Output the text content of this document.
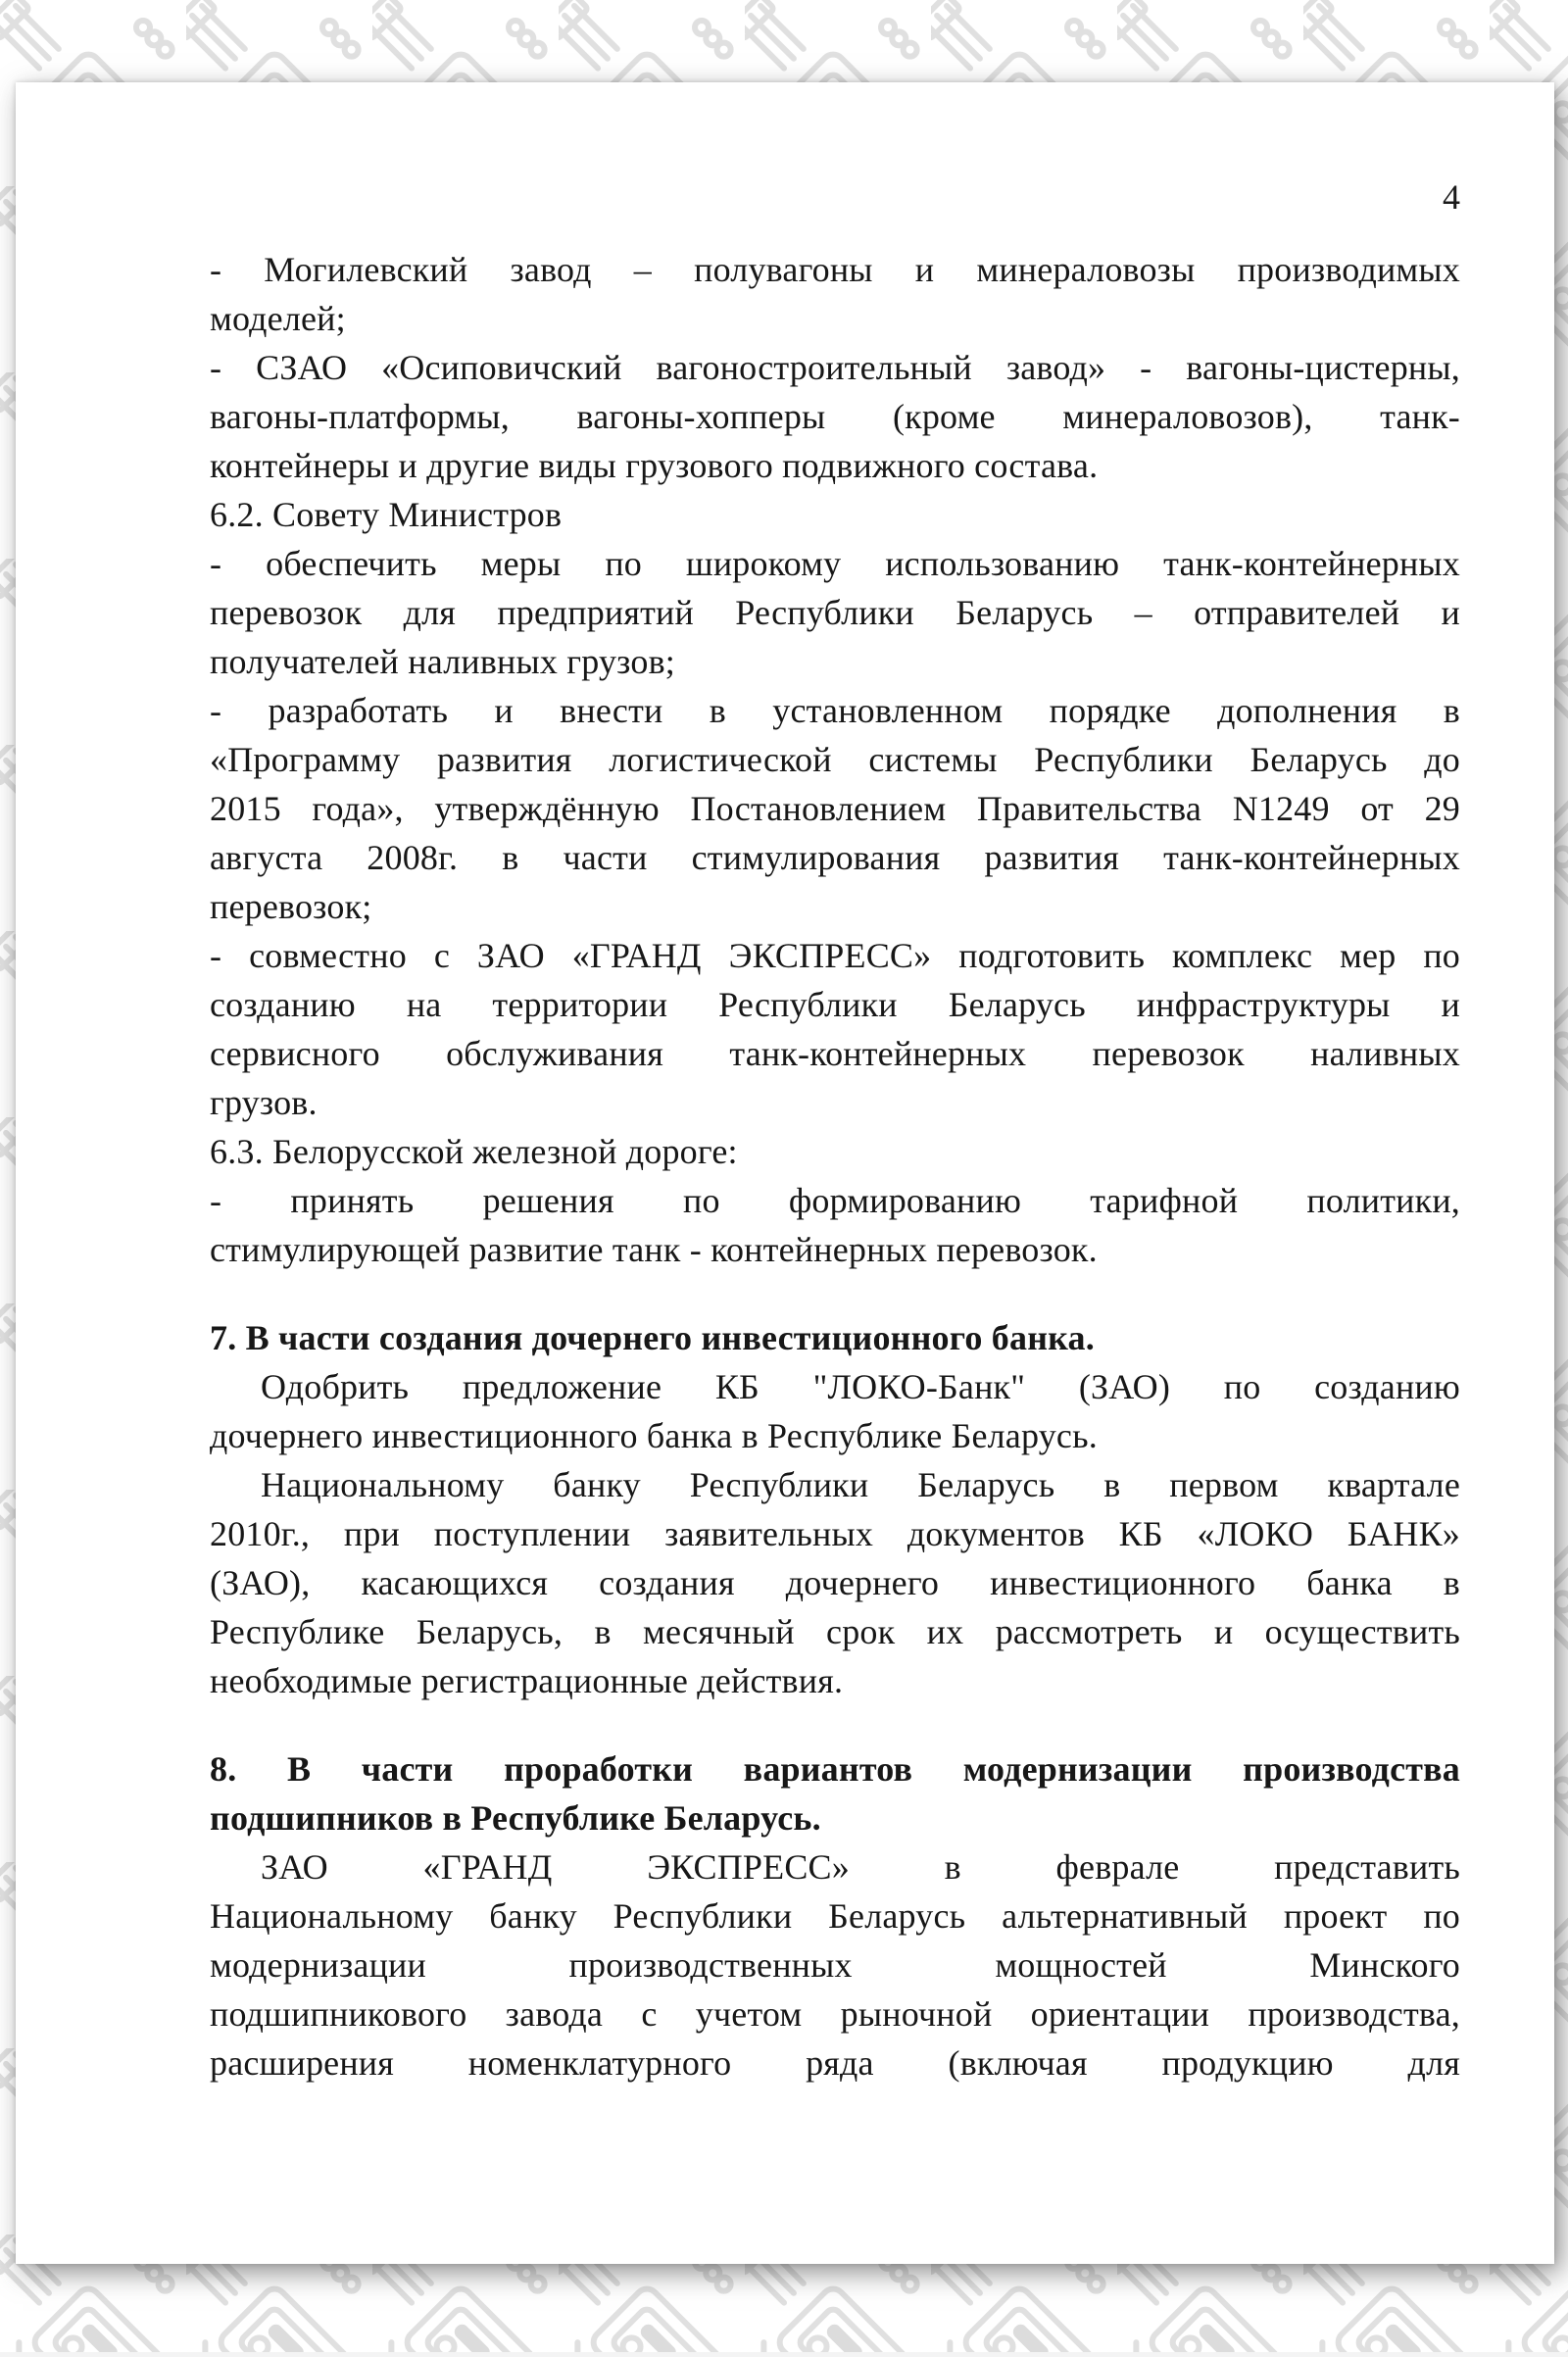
4
- Могилевский завод – полувагоны и минераловозы производимых
моделей;
- СЗАО «Осиповичский вагоностроительный завод» - вагоны-цистерны,
вагоны-платформы, вагоны-хопперы (кроме минераловозов), танк-
контейнеры и другие виды грузового подвижного состава.
6.2. Совету Министров
- обеспечить меры по широкому использованию танк-контейнерных
перевозок для предприятий Республики Беларусь – отправителей и
получателей наливных грузов;
- разработать и внести в установленном порядке дополнения в
«Программу развития логистической системы Республики Беларусь до
2015 года», утверждённую Постановлением Правительства N1249 от 29
августа 2008г. в части стимулирования развития танк-контейнерных
перевозок;
- совместно с ЗАО «ГРАНД ЭКСПРЕСС» подготовить комплекс мер по
созданию на территории Республики Беларусь инфраструктуры и
сервисного обслуживания танк-контейнерных перевозок наливных
грузов.
6.3. Белорусской железной дороге:
- принять решения по формированию тарифной политики,
стимулирующей развитие танк - контейнерных перевозок.
7. В части создания дочернего инвестиционного банка.
Одобрить предложение КБ "ЛОКО-Банк" (ЗАО) по созданию
дочернего инвестиционного банка в Республике Беларусь.
Национальному банку Республики Беларусь в первом квартале
2010г., при поступлении заявительных документов КБ «ЛОКО БАНК»
(ЗАО), касающихся создания дочернего инвестиционного банка в
Республике Беларусь, в месячный срок их рассмотреть и осуществить
необходимые регистрационные действия.
8. В части проработки вариантов модернизации производства
подшипников в Республике Беларусь.
ЗАО «ГРАНД ЭКСПРЕСС» в феврале представить
Национальному банку Республики Беларусь альтернативный проект по
модернизации производственных мощностей Минского
подшипникового завода с учетом рыночной ориентации производства,
расширения номенклатурного ряда (включая продукцию для
